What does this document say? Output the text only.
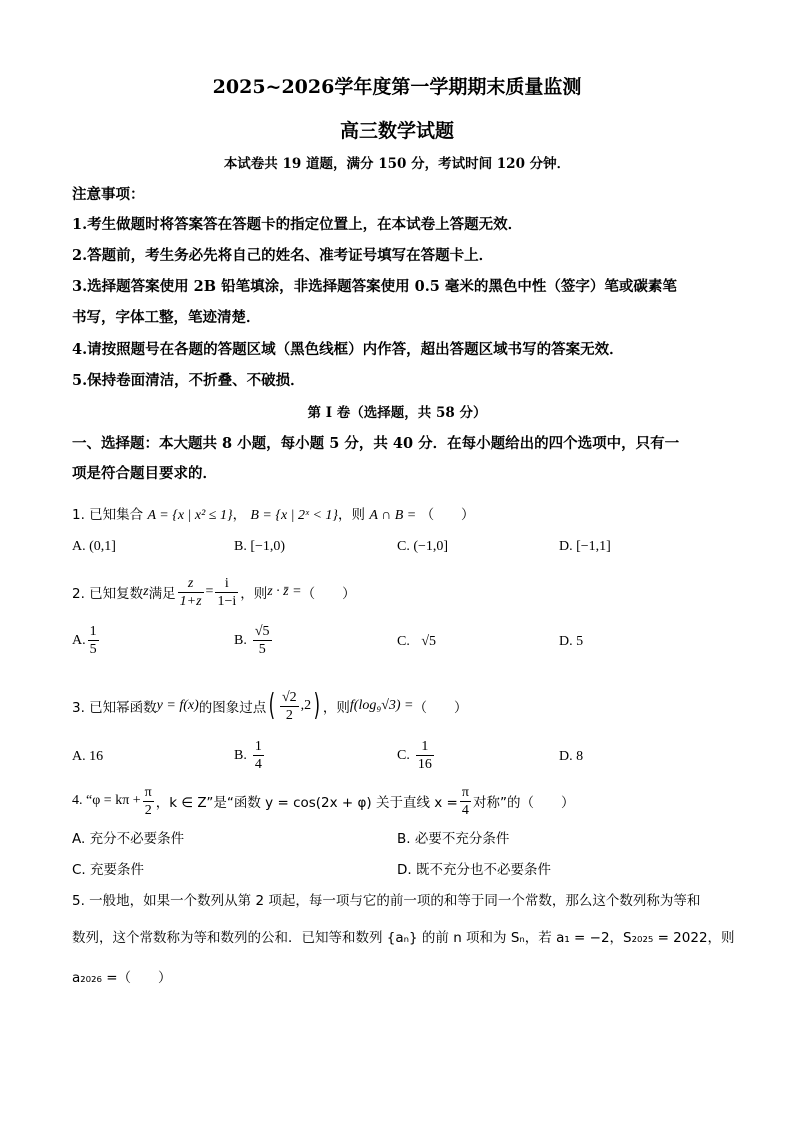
2025~2026学年度第一学期期末质量监测
高三数学试题
本试卷共 19 道题，满分 150 分，考试时间 120 分钟．
注意事项：
1.考生做题时将答案答在答题卡的指定位置上，在本试卷上答题无效．
2.答题前，考生务必先将自己的姓名、准考证号填写在答题卡上．
3.选择题答案使用 2B 铅笔填涂，非选择题答案使用 0.5 毫米的黑色中性（签字）笔或碳素笔
书写，字体工整，笔迹清楚．
4.请按照题号在各题的答题区域（黑色线框）内作答，超出答题区域书写的答案无效．
5.保持卷面清洁，不折叠、不破损．
第 I 卷（选择题，共 58 分）
一、选择题：本大题共 8 小题，每小题 5 分，共 40 分．在每小题给出的四个选项中，只有一
项是符合题目要求的．
1. 已知集合 A = {x | x² ≤ 1}， B = {x | 2ˣ < 1}，则 A ∩ B = （　　）
A. (0,1]	B. [−1,0)	C. (−1,0]	D. [−1,1]
2. 已知复数 z 满足 $\frac{z}{1+z} = \frac{i}{1-i}$ ，则 z · z̄ = （　　）
A. $\frac{1}{5}$	B. $\frac{√5}{5}$	C. √5	D. 5
3. 已知幂函数 y = f(x) 的图象过点 ( $\frac{√2}{2} ,2$ ) ，则 f(log₉√3) = （　　）
A. 16	B. $\frac{1}{4}$	C. $\frac{1}{16}$	D. 8
4. “$\varphi = k\pi + \frac{\pi}{2}$ ，k ∈ Z”是“函数 y = cos(2x + φ) 关于直线 $x = \frac{\pi}{4}$ 对称”的（　　）
A. 充分不必要条件	B. 必要不充分条件
C. 充要条件	D. 既不充分也不必要条件
5. 一般地，如果一个数列从第 2 项起，每一项与它的前一项的和等于同一个常数，那么这个数列称为等和
数列，这个常数称为等和数列的公和．已知等和数列 {aₙ} 的前 n 项和为 Sₙ，若 a₁ = −2，S₂₀₂₅ = 2022，则
a₂₀₂₆ =（　　）
